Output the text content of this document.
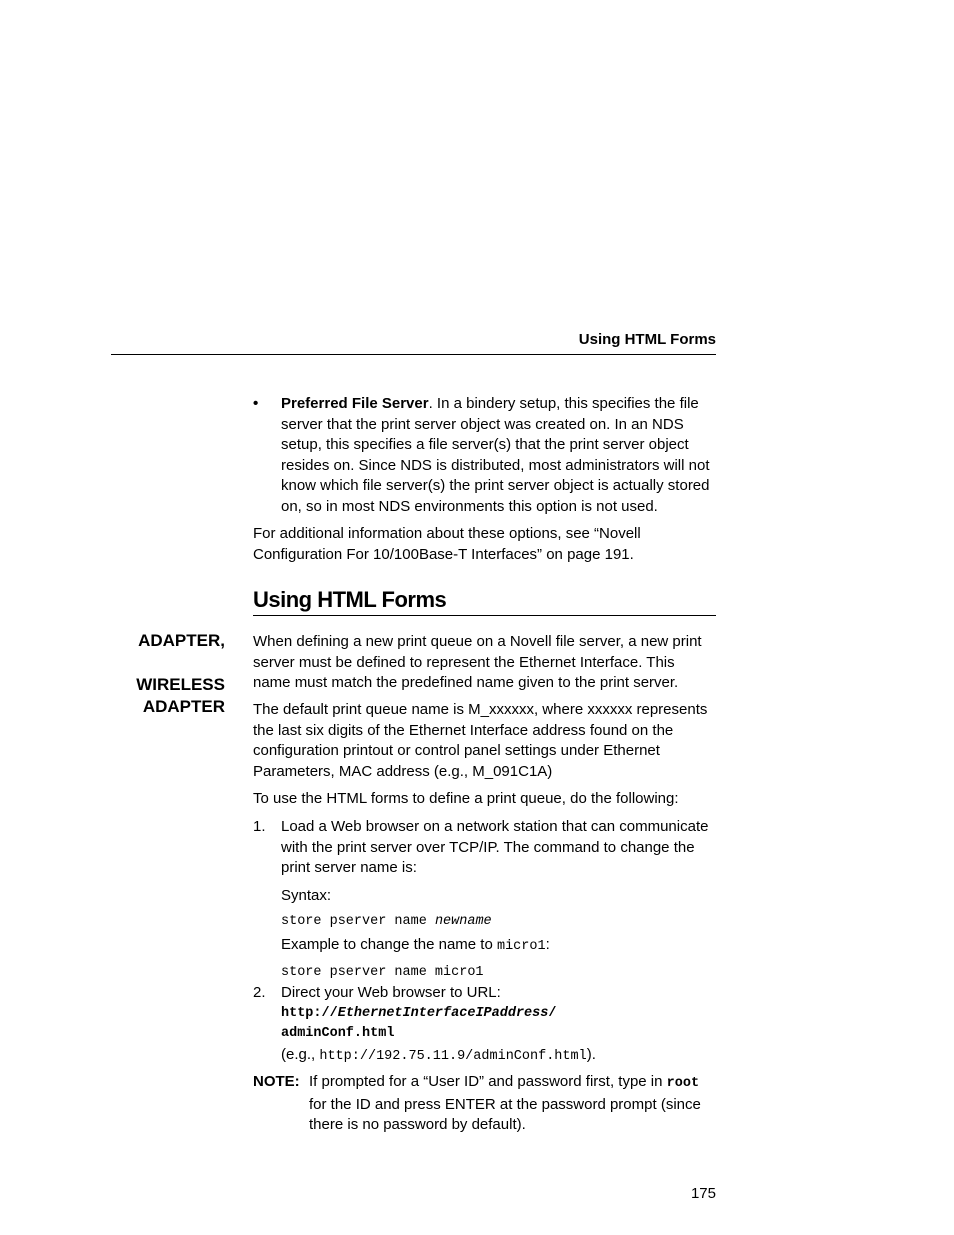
Using HTML Forms
• Preferred File Server. In a bindery setup, this specifies the file server that the print server object was created on. In an NDS setup, this specifies a file server(s) that the print server object resides on. Since NDS is distributed, most administrators will not know which file server(s) the print server object is actually stored on, so in most NDS environments this option is not used.
For additional information about these options, see “Novell Configuration For 10/100Base-T Interfaces” on page 191.
Using HTML Forms
ADAPTER,
WIRELESS
ADAPTER
When defining a new print queue on a Novell file server, a new print server must be defined to represent the Ethernet Interface. This name must match the predefined name given to the print server.
The default print queue name is M_xxxxxx, where xxxxxx represents the last six digits of the Ethernet Interface address found on the configuration printout or control panel settings under Ethernet Parameters, MAC address (e.g., M_091C1A)
To use the HTML forms to define a print queue, do the following:
1. Load a Web browser on a network station that can communicate with the print server over TCP/IP. The command to change the print server name is:
Syntax:
store pserver name newname
Example to change the name to micro1:
store pserver name micro1
2. Direct your Web browser to URL:
http://EthernetInterfaceIPaddress/
adminConf.html
(e.g., http://192.75.11.9/adminConf.html).
NOTE: If prompted for a “User ID” and password first, type in root for the ID and press ENTER at the password prompt (since there is no password by default).
175
